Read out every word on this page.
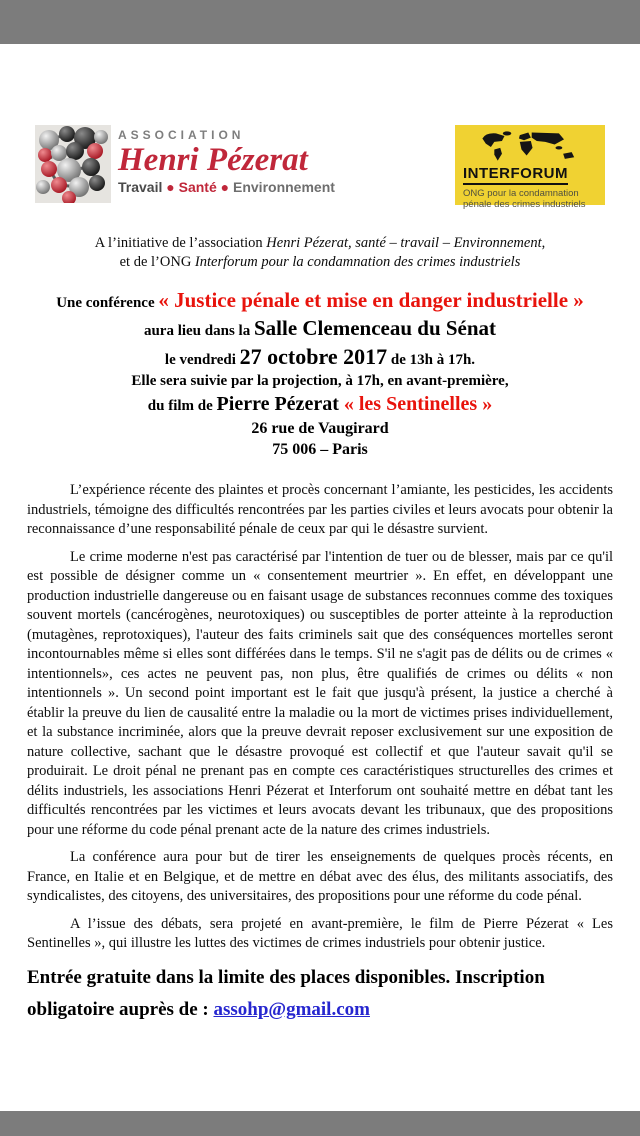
ASSOCIATION
Henri Pézerat
Travail ● Santé ● Environnement
INTERFORUM
ONG pour la condamnation pénale des crimes industriels
A l’initiative de l’association Henri Pézerat, santé – travail – Environnement,
et de l’ONG Interforum pour la condamnation des crimes industriels
Une conférence « Justice pénale et mise en danger industrielle »
aura lieu dans la Salle Clemenceau du Sénat
le vendredi 27 octobre 2017 de 13h à 17h.
Elle sera suivie par la projection, à 17h, en avant-première,
du film de Pierre Pézerat « les Sentinelles »
26 rue de Vaugirard
75 006 – Paris

L’expérience récente des plaintes et procès concernant l’amiante, les pesticides, les accidents industriels, témoigne des difficultés rencontrées par les parties civiles et leurs avocats pour obtenir la reconnaissance d’une responsabilité pénale de ceux par qui le désastre survient.

Le crime moderne n'est pas caractérisé par l'intention de tuer ou de blesser, mais par ce qu'il est possible de désigner comme un « consentement meurtrier ». En effet, en développant une production industrielle dangereuse ou en faisant usage de substances reconnues comme des toxiques souvent mortels (cancérogènes, neurotoxiques) ou susceptibles de porter atteinte à la reproduction (mutagènes, reprotoxiques), l'auteur des faits criminels sait que des conséquences mortelles seront incontournables même si elles sont différées dans le temps. S'il ne s'agit pas de délits ou de crimes « intentionnels», ces actes ne peuvent pas, non plus, être qualifiés de crimes ou délits « non intentionnels ». Un second point important est le fait que jusqu'à présent, la justice a cherché à établir la preuve du lien de causalité entre la maladie ou la mort de victimes prises individuellement, et la substance incriminée, alors que la preuve devrait reposer exclusivement sur une exposition de nature collective, sachant que le désastre provoqué est collectif et que l'auteur savait qu'il se produirait. Le droit pénal ne prenant pas en compte ces caractéristiques structurelles des crimes et délits industriels, les associations Henri Pézerat et Interforum ont souhaité mettre en débat tant les difficultés rencontrées par les victimes et leurs avocats devant les tribunaux, que des propositions pour une réforme du code pénal prenant acte de la nature des crimes industriels.

La conférence aura pour but de tirer les enseignements de quelques procès récents, en France, en Italie et en Belgique, et de mettre en débat avec des élus, des militants associatifs, des syndicalistes, des citoyens, des universitaires, des propositions pour une réforme du code pénal.

A l’issue des débats, sera projeté en avant-première, le film de Pierre Pézerat « Les Sentinelles », qui illustre les luttes des victimes de crimes industriels pour obtenir justice.

Entrée gratuite dans la limite des places disponibles. Inscription obligatoire auprès de : assohp@gmail.com
